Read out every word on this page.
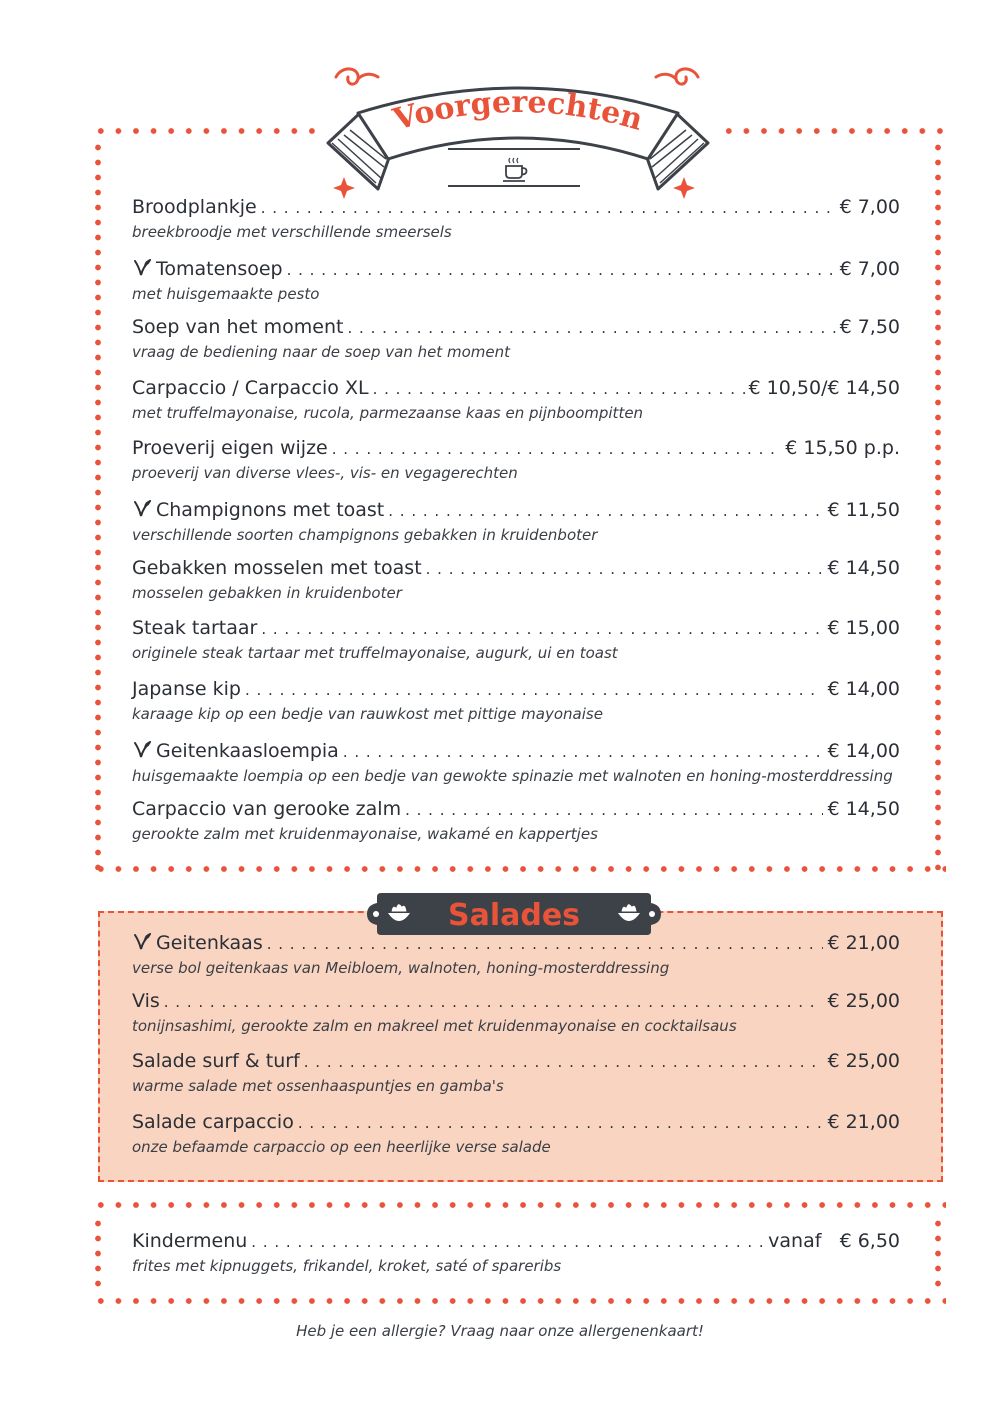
Voorgerechten
Broodplankje . . .	€ 7,00
breekbroodje met verschillende smeersels
Tomatensoep . . .	€ 7,00
met huisgemaakte pesto
Soep van het moment . . .	€ 7,50
vraag de bediening naar de soep van het moment
Carpaccio / Carpaccio XL . . .	€ 10,50/€ 14,50
met truffelmayonaise, rucola, parmezaanse kaas en pijnboompitten
Proeverij eigen wijze . . .	€ 15,50 p.p.
proeverij van diverse vlees-, vis- en vegagerechten
Champignons met toast . . .	€ 11,50
verschillende soorten champignons gebakken in kruidenboter
Gebakken mosselen met toast . . .	€ 14,50
mosselen gebakken in kruidenboter
Steak tartaar . . .	€ 15,00
originele steak tartaar met truffelmayonaise, augurk, ui en toast
Japanse kip . . .	€ 14,00
karaage kip op een bedje van rauwkost met pittige mayonaise
Geitenkaasloempia . . .	€ 14,00
huisgemaakte loempia op een bedje van gewokte spinazie met walnoten en honing-mosterddressing
Carpaccio van gerooke zalm . . .	€ 14,50
gerookte zalm met kruidenmayonaise, wakamé en kappertjes
Salades
Geitenkaas . . .	€ 21,00
verse bol geitenkaas van Meibloem, walnoten, honing-mosterddressing
Vis . . .	€ 25,00
tonijnsashimi, gerookte zalm en makreel met kruidenmayonaise en cocktailsaus
Salade surf & turf . . .	€ 25,00
warme salade met ossenhaaspuntjes en gamba's
Salade carpaccio . . .	€ 21,00
onze befaamde carpaccio op een heerlijke verse salade
Kindermenu . . .	vanaf € 6,50
frites met kipnuggets, frikandel, kroket, saté of spareribs
Heb je een allergie? Vraag naar onze allergenenkaart!
